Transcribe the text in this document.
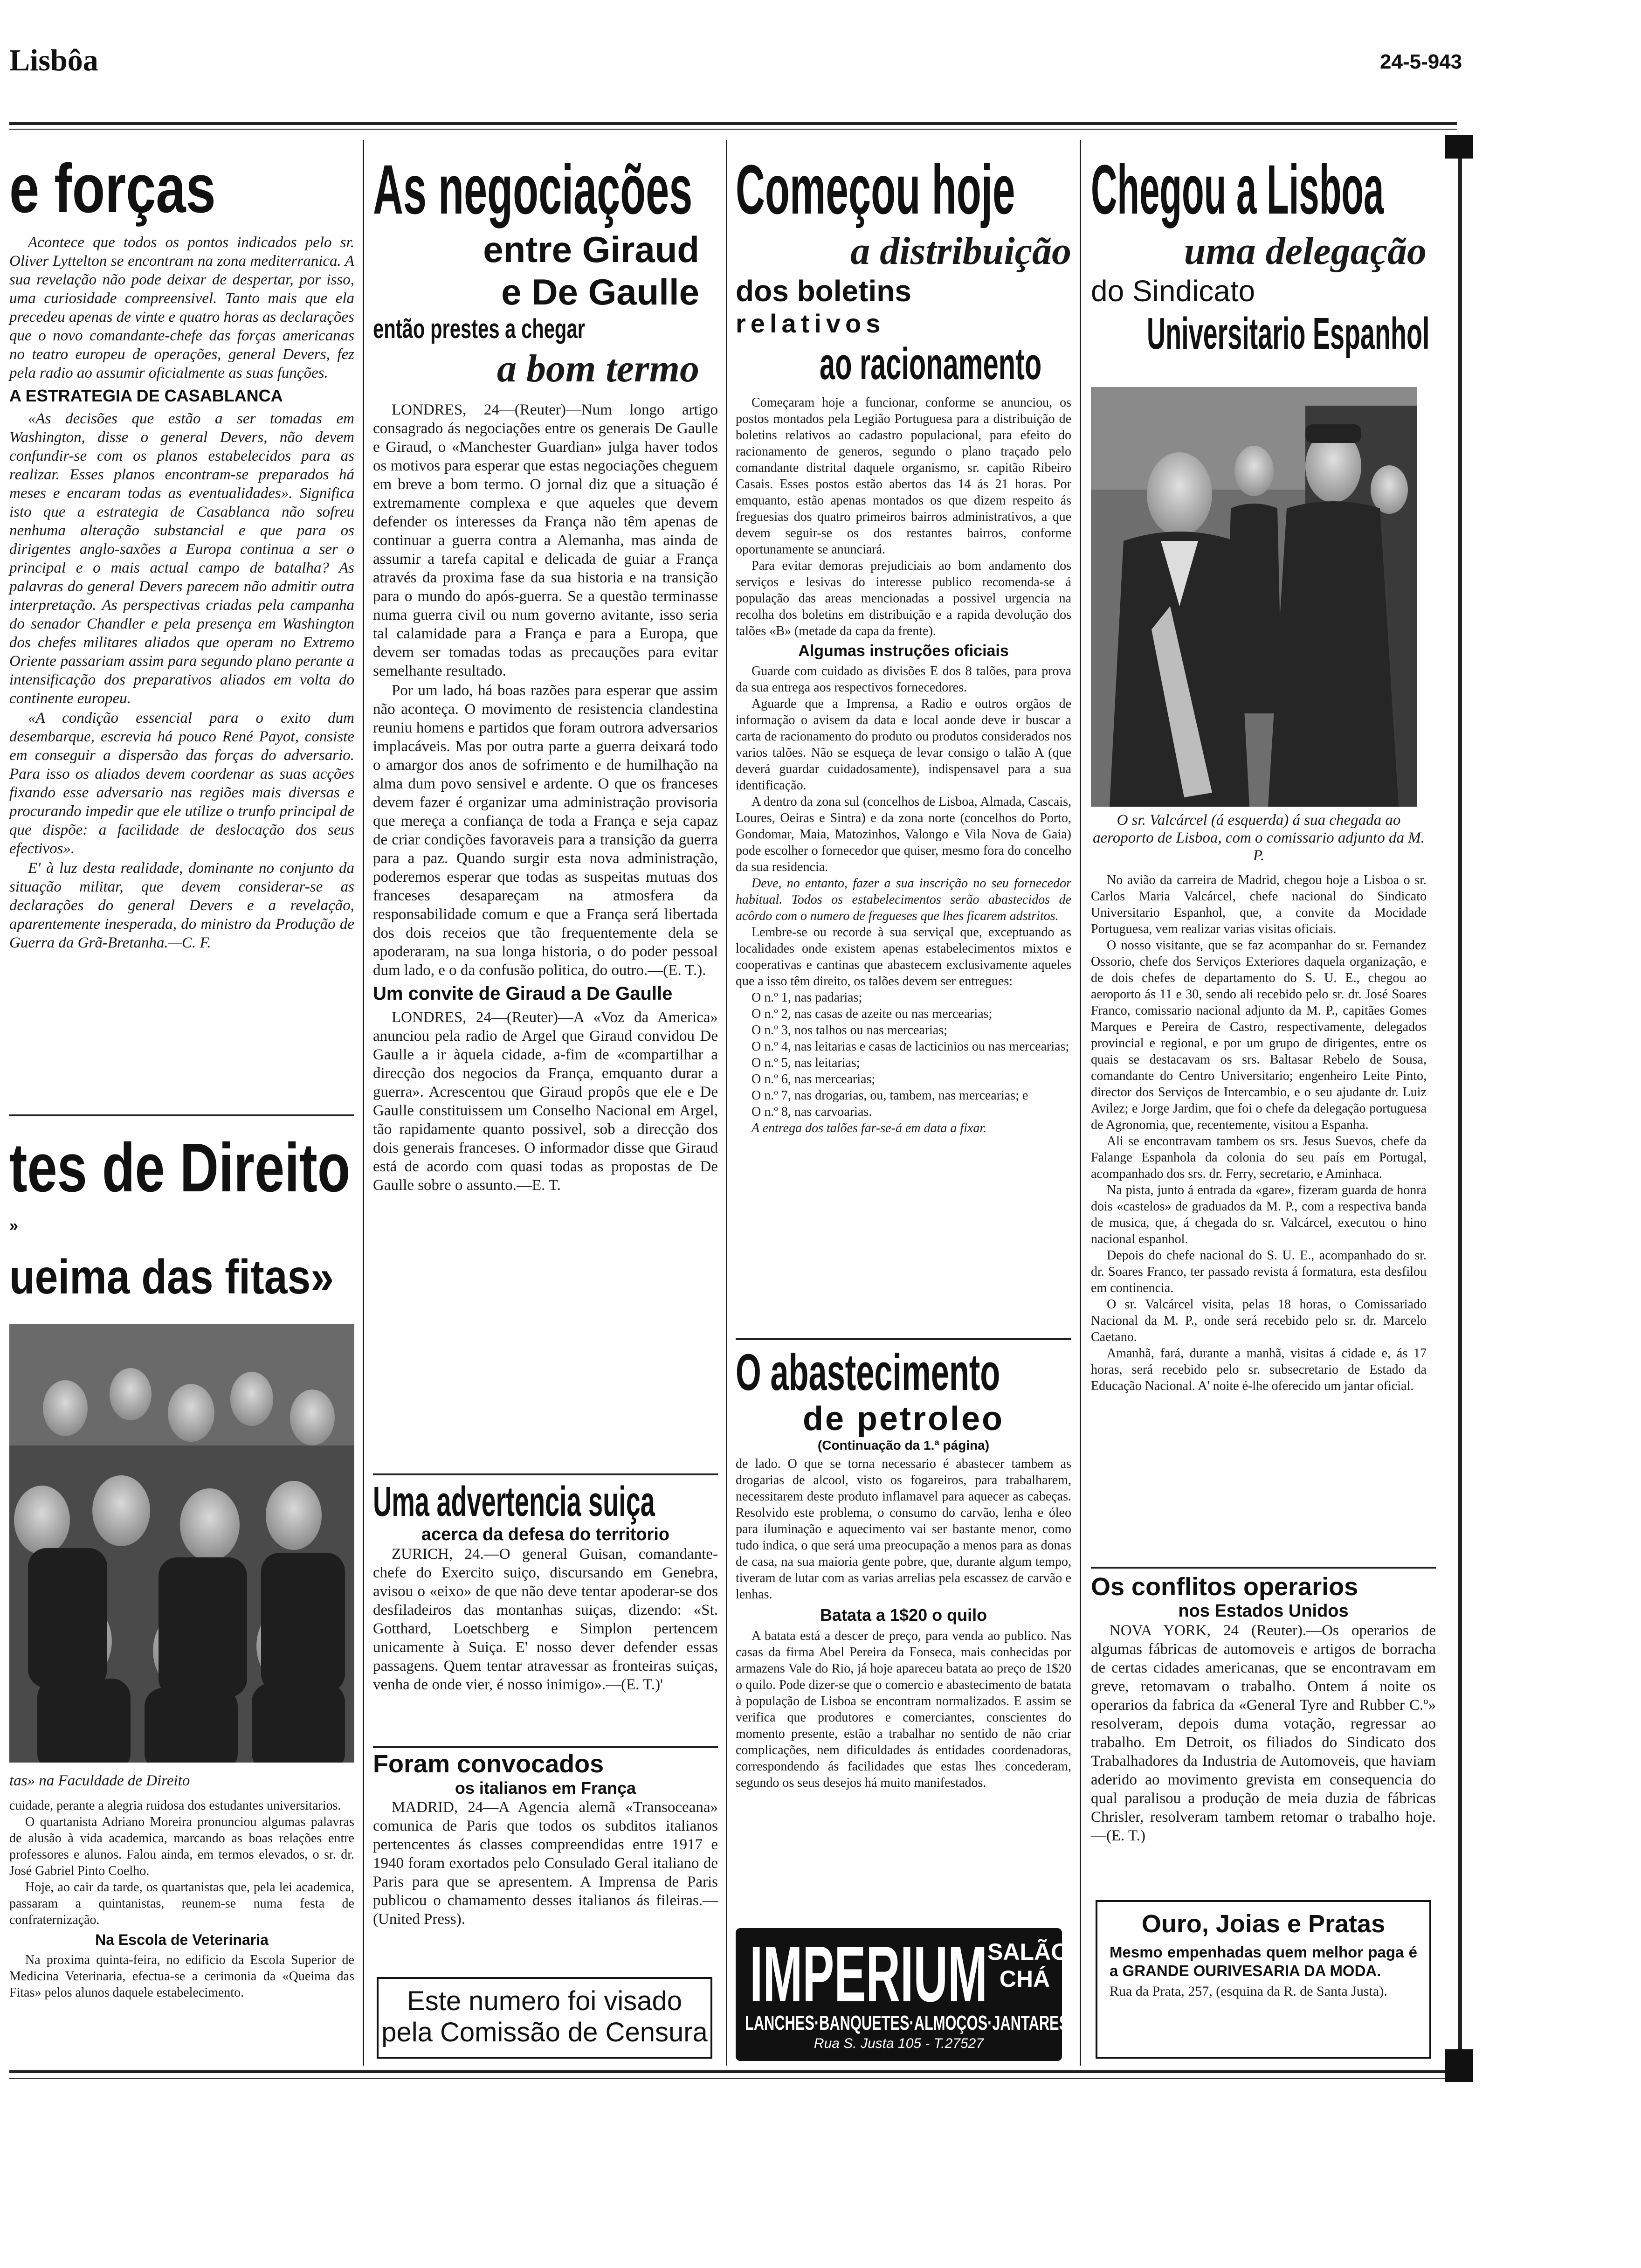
Lisbôa	24-5-943
e forças

Acontece que todos os pontos indicados pelo sr. Oliver Lyttelton se encontram na zona mediterranica. A sua revelação não pode deixar de despertar, por isso, uma curiosidade compreensivel. Tanto mais que ela precedeu apenas de vinte e quatro horas as declarações que o novo comandante-chefe das forças americanas no teatro europeu de operações, general Devers, fez pela radio ao assumir oficialmente as suas funções.

A ESTRATEGIA DE CASABLANCA

«As decisões que estão a ser tomadas em Washington, disse o general Devers, não devem confundir-se com os planos estabelecidos para as realizar. Esses planos encontram-se preparados há meses e encaram todas as eventualidades». Significa isto que a estrategia de Casablanca não sofreu nenhuma alteração substancial e que para os dirigentes anglo-saxões a Europa continua a ser o principal e o mais actual campo de batalha? As palavras do general Devers parecem não admitir outra interpretação. As perspectivas criadas pela campanha do senador Chandler e pela presença em Washington dos chefes militares aliados que operam no Extremo Oriente passariam assim para segundo plano perante a intensificação dos preparativos aliados em volta do continente europeu.

«A condição essencial para o exito dum desembarque, escrevia há pouco René Payot, consiste em conseguir a dispersão das forças do adversario. Para isso os aliados devem coordenar as suas acções fixando esse adversario nas regiões mais diversas e procurando impedir que ele utilize o trunfo principal de que dispõe: a facilidade de deslocação dos seus efectivos».

E' à luz desta realidade, dominante no conjunto da situação militar, que devem considerar-se as declarações do general Devers e a revelação, aparentemente inesperada, do ministro da Produção de Guerra da Grã-Bretanha.—C. F.

tes de Direito
»
ueima das fitas»
tas» na Faculdade de Direito

cuidade, perante a alegria ruidosa dos estudantes universitarios.

O quartanista Adriano Moreira pronunciou algumas palavras de alusão à vida academica, marcando as boas relações entre professores e alunos. Falou ainda, em termos elevados, o sr. dr. José Gabriel Pinto Coelho.

Hoje, ao cair da tarde, os quartanistas que, pela lei academica, passaram a quintanistas, reunem-se numa festa de confraternização.

Na Escola de Veterinaria

Na proxima quinta-feira, no edificio da Escola Superior de Medicina Veterinaria, efectua-se a cerimonia da «Queima das Fitas» pelos alunos daquele estabelecimento.

As negociações
entre Giraud
e De Gaulle
então prestes a chegar
a bom termo

LONDRES, 24—(Reuter)—Num longo artigo consagrado ás negociações entre os generais De Gaulle e Giraud, o «Manchester Guardian» julga haver todos os motivos para esperar que estas negociações cheguem em breve a bom termo. O jornal diz que a situação é extremamente complexa e que aqueles que devem defender os interesses da França não têm apenas de continuar a guerra contra a Alemanha, mas ainda de assumir a tarefa capital e delicada de guiar a França através da proxima fase da sua historia e na transição para o mundo do após-guerra. Se a questão terminasse numa guerra civil ou num governo avitante, isso seria tal calamidade para a França e para a Europa, que devem ser tomadas todas as precauções para evitar semelhante resultado.

Por um lado, há boas razões para esperar que assim não aconteça. O movimento de resistencia clandestina reuniu homens e partidos que foram outrora adversarios implacáveis. Mas por outra parte a guerra deixará todo o amargor dos anos de sofrimento e de humilhação na alma dum povo sensivel e ardente. O que os franceses devem fazer é organizar uma administração provisoria que mereça a confiança de toda a França e seja capaz de criar condições favoraveis para a transição da guerra para a paz. Quando surgir esta nova administração, poderemos esperar que todas as suspeitas mutuas dos franceses desapareçam na atmosfera da responsabilidade comum e que a França será libertada dos dois receios que tão frequentemente dela se apoderaram, na sua longa historia, o do poder pessoal dum lado, e o da confusão politica, do outro.—(E. T.).

Um convite de Giraud a De Gaulle

LONDRES, 24—(Reuter)—A «Voz da America» anunciou pela radio de Argel que Giraud convidou De Gaulle a ir àquela cidade, a-fim de «compartilhar a direcção dos negocios da França, emquanto durar a guerra». Acrescentou que Giraud propôs que ele e De Gaulle constituissem um Conselho Nacional em Argel, tão rapidamente quanto possivel, sob a direcção dos dois generais franceses. O informador disse que Giraud está de acordo com quasi todas as propostas de De Gaulle sobre o assunto.—E. T.

Uma advertencia suiça
acerca da defesa do territorio

ZURICH, 24.—O general Guisan, comandante-chefe do Exercito suiço, discursando em Genebra, avisou o «eixo» de que não deve tentar apoderar-se dos desfiladeiros das montanhas suiças, dizendo: «St. Gotthard, Loetschberg e Simplon pertencem unicamente à Suiça. E' nosso dever defender essas passagens. Quem tentar atravessar as fronteiras suiças, venha de onde vier, é nosso inimigo».—(E. T.)'

Foram convocados
os italianos em França

MADRID, 24—A Agencia alemã «Transoceana» comunica de Paris que todos os subditos italianos pertencentes ás classes compreendidas entre 1917 e 1940 foram exortados pelo Consulado Geral italiano de Paris para que se apresentem. A Imprensa de Paris publicou o chamamento desses italianos ás fileiras.—(United Press).

Este numero foi visado
pela Comissão de Censura
Começou hoje
a distribuição
dos boletins
relativos
ao racionamento

Começaram hoje a funcionar, conforme se anunciou, os postos montados pela Legião Portuguesa para a distribuição de boletins relativos ao cadastro populacional, para efeito do racionamento de generos, segundo o plano traçado pelo comandante distrital daquele organismo, sr. capitão Ribeiro Casais. Esses postos estão abertos das 14 ás 21 horas. Por emquanto, estão apenas montados os que dizem respeito ás freguesias dos quatro primeiros bairros administrativos, a que devem seguir-se os dos restantes bairros, conforme oportunamente se anunciará.

Para evitar demoras prejudiciais ao bom andamento dos serviços e lesivas do interesse publico recomenda-se á população das areas mencionadas a possivel urgencia na recolha dos boletins em distribuição e a rapida devolução dos talões «B» (metade da capa da frente).

Algumas instruções oficiais

Guarde com cuidado as divisões E dos 8 talões, para prova da sua entrega aos respectivos fornecedores.

Aguarde que a Imprensa, a Radio e outros orgãos de informação o avisem da data e local aonde deve ir buscar a carta de racionamento do produto ou produtos considerados nos varios talões. Não se esqueça de levar consigo o talão A (que deverá guardar cuidadosamente), indispensavel para a sua identificação.

A dentro da zona sul (concelhos de Lisboa, Almada, Cascais, Loures, Oeiras e Sintra) e da zona norte (concelhos do Porto, Gondomar, Maia, Matozinhos, Valongo e Vila Nova de Gaia) pode escolher o fornecedor que quiser, mesmo fora do concelho da sua residencia.

Deve, no entanto, fazer a sua inscrição no seu fornecedor habitual. Todos os estabelecimentos serão abastecidos de acôrdo com o numero de fregueses que lhes ficarem adstritos.

Lembre-se ou recorde à sua serviçal que, exceptuando as localidades onde existem apenas estabelecimentos mixtos e cooperativas e cantinas que abastecem exclusivamente aqueles que a isso têm direito, os talões devem ser entregues:

O n.º 1, nas padarias;
O n.º 2, nas casas de azeite ou nas mercearias;
O n.º 3, nos talhos ou nas mercearias;
O n.º 4, nas leitarias e casas de lacticinios ou nas mercearias;
O n.º 5, nas leitarias;
O n.º 6, nas mercearias;
O n.º 7, nas drogarias, ou, tambem, nas mercearias; e
O n.º 8, nas carvoarias.

A entrega dos talões far-se-á em data a fixar.

O abastecimento
de petroleo
(Continuação da 1.ª página)

de lado. O que se torna necessario é abastecer tambem as drogarias de alcool, visto os fogareiros, para trabalharem, necessitarem deste produto inflamavel para aquecer as cabeças. Resolvido este problema, o consumo do carvão, lenha e óleo para iluminação e aquecimento vai ser bastante menor, como tudo indica, o que será uma preocupação a menos para as donas de casa, na sua maioria gente pobre, que, durante algum tempo, tiveram de lutar com as varias arrelias pela escassez de carvão e lenhas.

Batata a 1$20 o quilo

A batata está a descer de preço, para venda ao publico. Nas casas da firma Abel Pereira da Fonseca, mais conhecidas por armazens Vale do Rio, já hoje apareceu batata ao preço de 1$20 o quilo. Pode dizer-se que o comercio e abastecimento de batata à população de Lisboa se encontram normalizados. E assim se verifica que produtores e comerciantes, conscientes do momento presente, estão a trabalhar no sentido de não criar complicações, nem dificuldades ás entidades coordenadoras, correspondendo ás facilidades que estas lhes concederam, segundo os seus desejos há muito manifestados.

IMPERIUM SALÃO
CHÁ
LANCHES·BANQUETES·ALMOÇOS·JANTARES
Rua S. Justa 105 - T.27527
Chegou a Lisboa
uma delegação
do Sindicato
Universitario Espanhol
O sr. Valcárcel (á esquerda) á sua chegada ao aeroporto de Lisboa, com o comissario adjunto da M. P.

No avião da carreira de Madrid, chegou hoje a Lisboa o sr. Carlos Maria Valcárcel, chefe nacional do Sindicato Universitario Espanhol, que, a convite da Mocidade Portuguesa, vem realizar varias visitas oficiais.

O nosso visitante, que se faz acompanhar do sr. Fernandez Ossorio, chefe dos Serviços Exteriores daquela organização, e de dois chefes de departamento do S. U. E., chegou ao aeroporto ás 11 e 30, sendo ali recebido pelo sr. dr. José Soares Franco, comissario nacional adjunto da M. P., capitães Gomes Marques e Pereira de Castro, respectivamente, delegados provincial e regional, e por um grupo de dirigentes, entre os quais se destacavam os srs. Baltasar Rebelo de Sousa, comandante do Centro Universitario; engenheiro Leite Pinto, director dos Serviços de Intercambio, e o seu ajudante dr. Luiz Avilez; e Jorge Jardim, que foi o chefe da delegação portuguesa de Agronomia, que, recentemente, visitou a Espanha.

Ali se encontravam tambem os srs. Jesus Suevos, chefe da Falange Espanhola da colonia do seu país em Portugal, acompanhado dos srs. dr. Ferry, secretario, e Aminhaca.

Na pista, junto á entrada da «gare», fizeram guarda de honra dois «castelos» de graduados da M. P., com a respectiva banda de musica, que, á chegada do sr. Valcárcel, executou o hino nacional espanhol.

Depois do chefe nacional do S. U. E., acompanhado do sr. dr. Soares Franco, ter passado revista á formatura, esta desfilou em continencia.

O sr. Valcárcel visita, pelas 18 horas, o Comissariado Nacional da M. P., onde será recebido pelo sr. dr. Marcelo Caetano.

Amanhã, fará, durante a manhã, visitas á cidade e, ás 17 horas, será recebido pelo sr. subsecretario de Estado da Educação Nacional. A' noite é-lhe oferecido um jantar oficial.

Os conflitos operarios
nos Estados Unidos

NOVA YORK, 24 (Reuter).—Os operarios de algumas fábricas de automoveis e artigos de borracha de certas cidades americanas, que se encontravam em greve, retomavam o trabalho. Ontem á noite os operarios da fabrica da «General Tyre and Rubber C.º» resolveram, depois duma votação, regressar ao trabalho. Em Detroit, os filiados do Sindicato dos Trabalhadores da Industria de Automoveis, que haviam aderido ao movimento grevista em consequencia do qual paralisou a produção de meia duzia de fábricas Chrisler, resolveram tambem retomar o trabalho hoje.—(E. T.)

Ouro, Joias e Pratas
Mesmo empenhadas quem melhor paga é a GRANDE OURIVESARIA DA MODA.
Rua da Prata, 257, (esquina da R. de Santa Justa).
